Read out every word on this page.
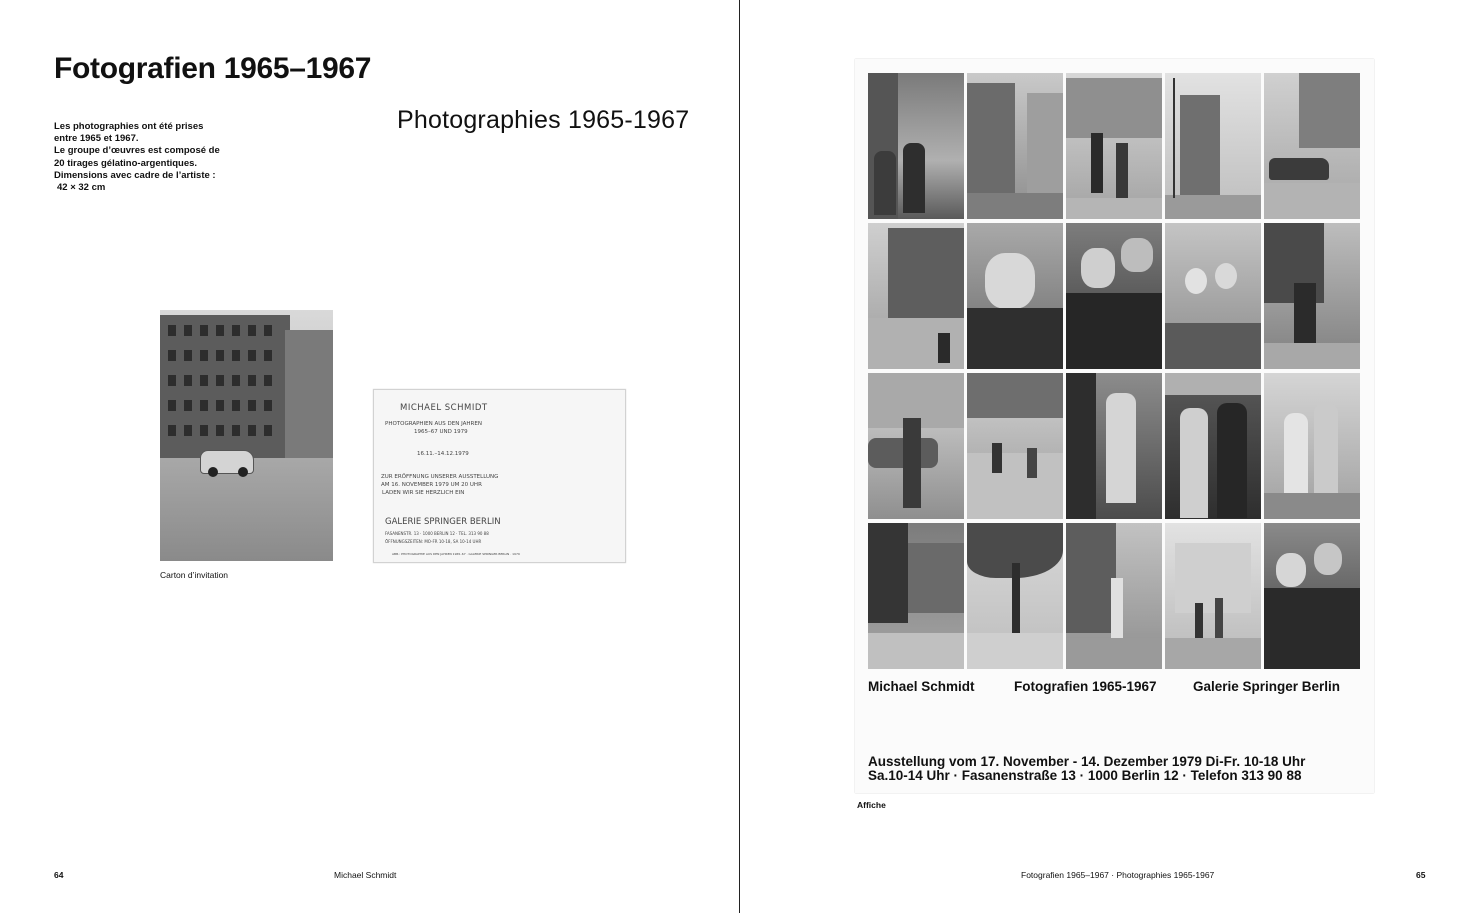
Fotografien 1965–1967
Photographies 1965-1967
Les photographies ont été prises
entre 1965 et 1967.
Le groupe d’œuvres est composé de
20 tirages gélatino-argentiques.
Dimensions avec cadre de l’artiste :
42 × 32 cm
Carton d’invitation
MICHAEL SCHMIDT
PHOTOGRAPHIEN AUS DEN JAHREN
1965–67 UND 1979
16.11.–14.12.1979
ZUR ERÖFFNUNG UNSERER AUSSTELLUNG
AM 16. NOVEMBER 1979 UM 20 UHR
LADEN WIR SIE HERZLICH EIN
GALERIE SPRINGER BERLIN
FASANENSTR. 13 · 1000 BERLIN 12 · TEL. 313 90 88
ÖFFNUNGSZEITEN: MO-FR 10-18, SA 10-14 UHR
ABB.: PHOTOGRAPHIE AUS DEN JAHREN 1965–67 · GALERIE SPRINGER BERLIN · 1979
64	Michael Schmidt
Michael Schmidt	Fotografien 1965-1967	Galerie Springer Berlin
Ausstellung vom 17. November - 14. Dezember 1979 Di-Fr. 10-18 Uhr
Sa.10-14 Uhr · Fasanenstraße 13 · 1000 Berlin 12 · Telefon 313 90 88
Affiche
Fotografien 1965–1967 · Photographies 1965-1967	65
